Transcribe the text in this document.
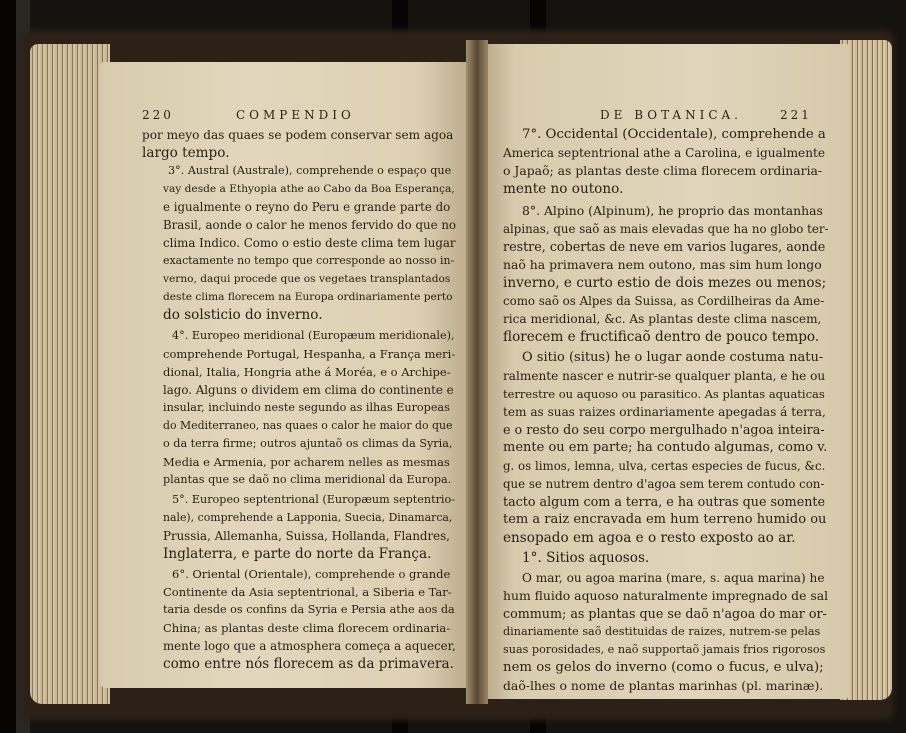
220	COMPENDIO
por meyo das quaes se podem conservar sem agoa
largo tempo.
3°. Austral (Australe), comprehende o espaço que
vay desde a Ethyopia athe ao Cabo da Boa Esperança,
e igualmente o reyno do Peru e grande parte do
Brasil, aonde o calor he menos fervido do que no
clima Indico. Como o estio deste clima tem lugar
exactamente no tempo que corresponde ao nosso in-
verno, daqui procede que os vegetaes transplantados
deste clima florecem na Europa ordinariamente perto
do solsticio do inverno.
4°. Europeo meridional (Europæum meridionale),
comprehende Portugal, Hespanha, a França meri-
dional, Italia, Hongria athe á Moréa, e o Archipe-
lago. Alguns o dividem em clima do continente e
insular, incluindo neste segundo as ilhas Europeas
do Mediterraneo, nas quaes o calor he maior do que
o da terra firme; outros ajuntaõ os climas da Syria,
Media e Armenia, por acharem nelles as mesmas
plantas que se daõ no clima meridional da Europa.
5°. Europeo septentrional (Europæum septentrio-
nale), comprehende a Lapponia, Suecia, Dinamarca,
Prussia, Allemanha, Suissa, Hollanda, Flandres,
Inglaterra, e parte do norte da França.
6°. Oriental (Orientale), comprehende o grande
Continente da Asia septentrional, a Siberia e Tar-
taria desde os confins da Syria e Persia athe aos da
China; as plantas deste clima florecem ordinaria-
mente logo que a atmosphera começa a aquecer,
como entre nós florecem as da primavera.
DE BOTANICA.	221
7°. Occidental (Occidentale), comprehende a
America septentrional athe a Carolina, e igualmente
o Japaõ; as plantas deste clima florecem ordinaria-
mente no outono.
8°. Alpino (Alpinum), he proprio das montanhas
alpinas, que saõ as mais elevadas que ha no globo ter-
restre, cobertas de neve em varios lugares, aonde
naõ ha primavera nem outono, mas sim hum longo
inverno, e curto estio de dois mezes ou menos;
como saõ os Alpes da Suissa, as Cordilheiras da Ame-
rica meridional, &c. As plantas deste clima nascem,
florecem e fructificaõ dentro de pouco tempo.
O sitio (situs) he o lugar aonde costuma natu-
ralmente nascer e nutrir-se qualquer planta, e he ou
terrestre ou aquoso ou parasitico. As plantas aquaticas
tem as suas raizes ordinariamente apegadas á terra,
e o resto do seu corpo mergulhado n'agoa inteira-
mente ou em parte; ha contudo algumas, como v.
g. os limos, lemna, ulva, certas especies de fucus, &c.
que se nutrem dentro d'agoa sem terem contudo con-
tacto algum com a terra, e ha outras que somente
tem a raiz encravada em hum terreno humido ou
ensopado em agoa e o resto exposto ao ar.
1°. Sitios aquosos.
O mar, ou agoa marina (mare, s. aqua marina) he
hum fluido aquoso naturalmente impregnado de sal
commum; as plantas que se daõ n'agoa do mar or-
dinariamente saõ destituidas de raizes, nutrem-se pelas
suas porosidades, e naõ supportaõ jamais frios rigorosos
nem os gelos do inverno (como o fucus, e ulva);
daõ-lhes o nome de plantas marinhas (pl. marinæ).
